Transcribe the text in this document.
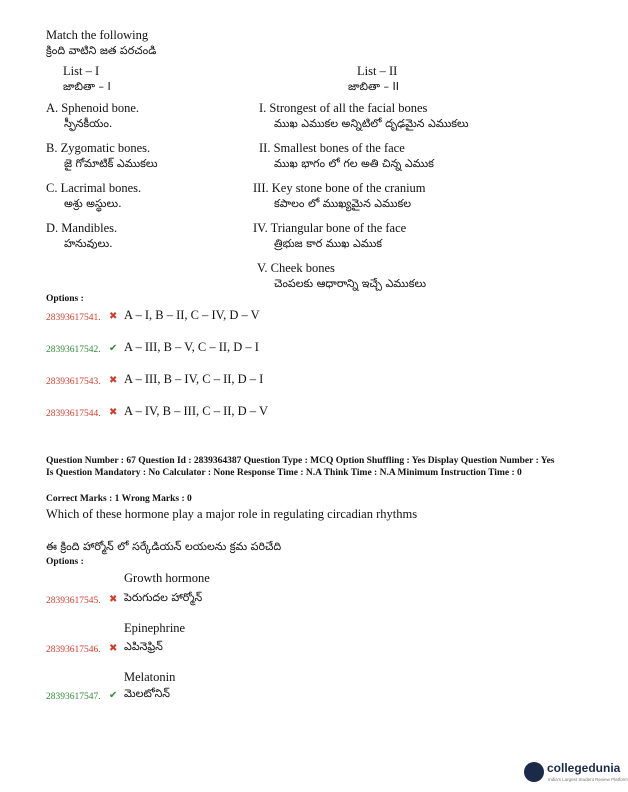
Match the following
క్రింది వాటిని జత పరచండి
List – I
జాబితా – I
List – II
జాబితా – II
A. Sphenoid bone.
స్ఫీనకీయం.
B. Zygomatic bones.
జై గోమాటిక్ ఎముకలు
C. Lacrimal bones.
అశ్రు అస్థులు.
D. Mandibles.
హనువులు.
I. Strongest of all the facial bones
ముఖ ఎముకల అన్నిటిలో దృఢమైన ఎముకలు
II. Smallest bones of the face
ముఖ భాగం లో గల అతి చిన్న ఎముక
III. Key stone bone of the cranium
కపాలం లో ముఖ్యమైన ఎముకల
IV. Triangular bone of the face
త్రిభుజ కార ముఖ ఎముక
V. Cheek bones
చెంపలకు ఆధారాన్ని ఇచ్చే ఎముకలు
Options :
28393617541. ✖ A – I, B – II, C – IV, D – V
28393617542. ✔ A – III, B – V, C – II, D – I
28393617543. ✖ A – III, B – IV, C – II, D – I
28393617544. ✖ A – IV, B – III, C – II, D – V
Question Number : 67 Question Id : 2839364387 Question Type : MCQ Option Shuffling : Yes Display Question Number : Yes Is Question Mandatory : No Calculator : None Response Time : N.A Think Time : N.A Minimum Instruction Time : 0
Correct Marks : 1 Wrong Marks : 0
Which of these hormone play a major role in regulating circadian rhythms
ఈ క్రింది హార్మోన్ లో సర్కేడియన్ లయలను క్రమ పరిచేది
Options :
Growth hormone
28393617545. ✖ పెరుగుదల హార్మోన్
Epinephrine
28393617546. ✖ ఎపినెఫ్రిన్
Melatonin
28393617547. ✔ మెలటోనిన్
collegedunia
India's Largest Student Review Platform
